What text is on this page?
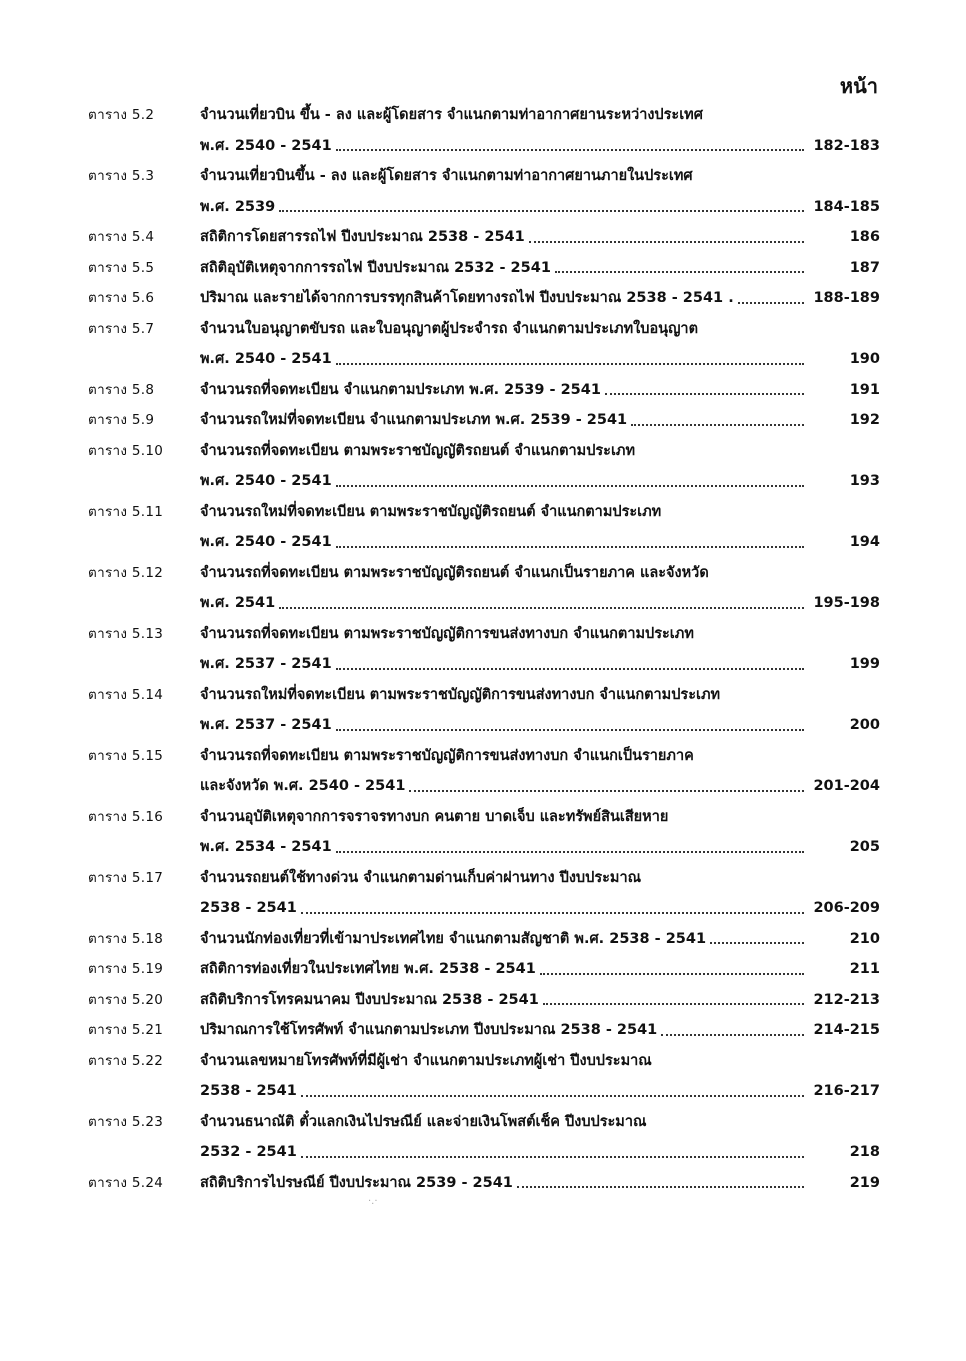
หน้า
ตาราง 5.2	จำนวนเที่ยวบิน ขึ้น - ลง และผู้โดยสาร จำแนกตามท่าอากาศยานระหว่างประเทศ
พ.ศ. 2540 - 2541	182-183
ตาราง 5.3	จำนวนเที่ยวบินขึ้น - ลง และผู้โดยสาร จำแนกตามท่าอากาศยานภายในประเทศ
พ.ศ. 2539	184-185
ตาราง 5.4	สถิติการโดยสารรถไฟ ปีงบประมาณ 2538 - 2541	186
ตาราง 5.5	สถิติอุบัติเหตุจากการรถไฟ ปีงบประมาณ 2532 - 2541	187
ตาราง 5.6	ปริมาณ และรายได้จากการบรรทุกสินค้าโดยทางรถไฟ ปีงบประมาณ 2538 - 2541 .	188-189
ตาราง 5.7	จำนวนใบอนุญาตขับรถ และใบอนุญาตผู้ประจำรถ จำแนกตามประเภทใบอนุญาต
พ.ศ. 2540 - 2541	190
ตาราง 5.8	จำนวนรถที่จดทะเบียน จำแนกตามประเภท พ.ศ. 2539 - 2541	191
ตาราง 5.9	จำนวนรถใหม่ที่จดทะเบียน จำแนกตามประเภท พ.ศ. 2539 - 2541	192
ตาราง 5.10	จำนวนรถที่จดทะเบียน ตามพระราชบัญญัติรถยนต์ จำแนกตามประเภท
พ.ศ. 2540 - 2541	193
ตาราง 5.11	จำนวนรถใหม่ที่จดทะเบียน ตามพระราชบัญญัติรถยนต์ จำแนกตามประเภท
พ.ศ. 2540 - 2541	194
ตาราง 5.12	จำนวนรถที่จดทะเบียน ตามพระราชบัญญัติรถยนต์ จำแนกเป็นรายภาค และจังหวัด
พ.ศ. 2541	195-198
ตาราง 5.13	จำนวนรถที่จดทะเบียน ตามพระราชบัญญัติการขนส่งทางบก จำแนกตามประเภท
พ.ศ. 2537 - 2541	199
ตาราง 5.14	จำนวนรถใหม่ที่จดทะเบียน ตามพระราชบัญญัติการขนส่งทางบก จำแนกตามประเภท
พ.ศ. 2537 - 2541	200
ตาราง 5.15	จำนวนรถที่จดทะเบียน ตามพระราชบัญญัติการขนส่งทางบก จำแนกเป็นรายภาค
และจังหวัด พ.ศ. 2540 - 2541	201-204
ตาราง 5.16	จำนวนอุบัติเหตุจากการจราจรทางบก คนตาย บาดเจ็บ และทรัพย์สินเสียหาย
พ.ศ. 2534 - 2541	205
ตาราง 5.17	จำนวนรถยนต์ใช้ทางด่วน จำแนกตามด่านเก็บค่าผ่านทาง ปีงบประมาณ
2538 - 2541	206-209
ตาราง 5.18	จำนวนนักท่องเที่ยวที่เข้ามาประเทศไทย จำแนกตามสัญชาติ พ.ศ. 2538 - 2541	210
ตาราง 5.19	สถิติการท่องเที่ยวในประเทศไทย พ.ศ. 2538 - 2541	211
ตาราง 5.20	สถิติบริการโทรคมนาคม ปีงบประมาณ 2538 - 2541	212-213
ตาราง 5.21	ปริมาณการใช้โทรศัพท์ จำแนกตามประเภท ปีงบประมาณ 2538 - 2541	214-215
ตาราง 5.22	จำนวนเลขหมายโทรศัพท์ที่มีผู้เช่า จำแนกตามประเภทผู้เช่า ปีงบประมาณ
2538 - 2541	216-217
ตาราง 5.23	จำนวนธนาณัติ ตั๋วแลกเงินไปรษณีย์ และจ่ายเงินโพสต์เช็ค ปีงบประมาณ
2532 - 2541	218
ตาราง 5.24	สถิติบริการไปรษณีย์ ปีงบประมาณ 2539 - 2541	219
·.·
